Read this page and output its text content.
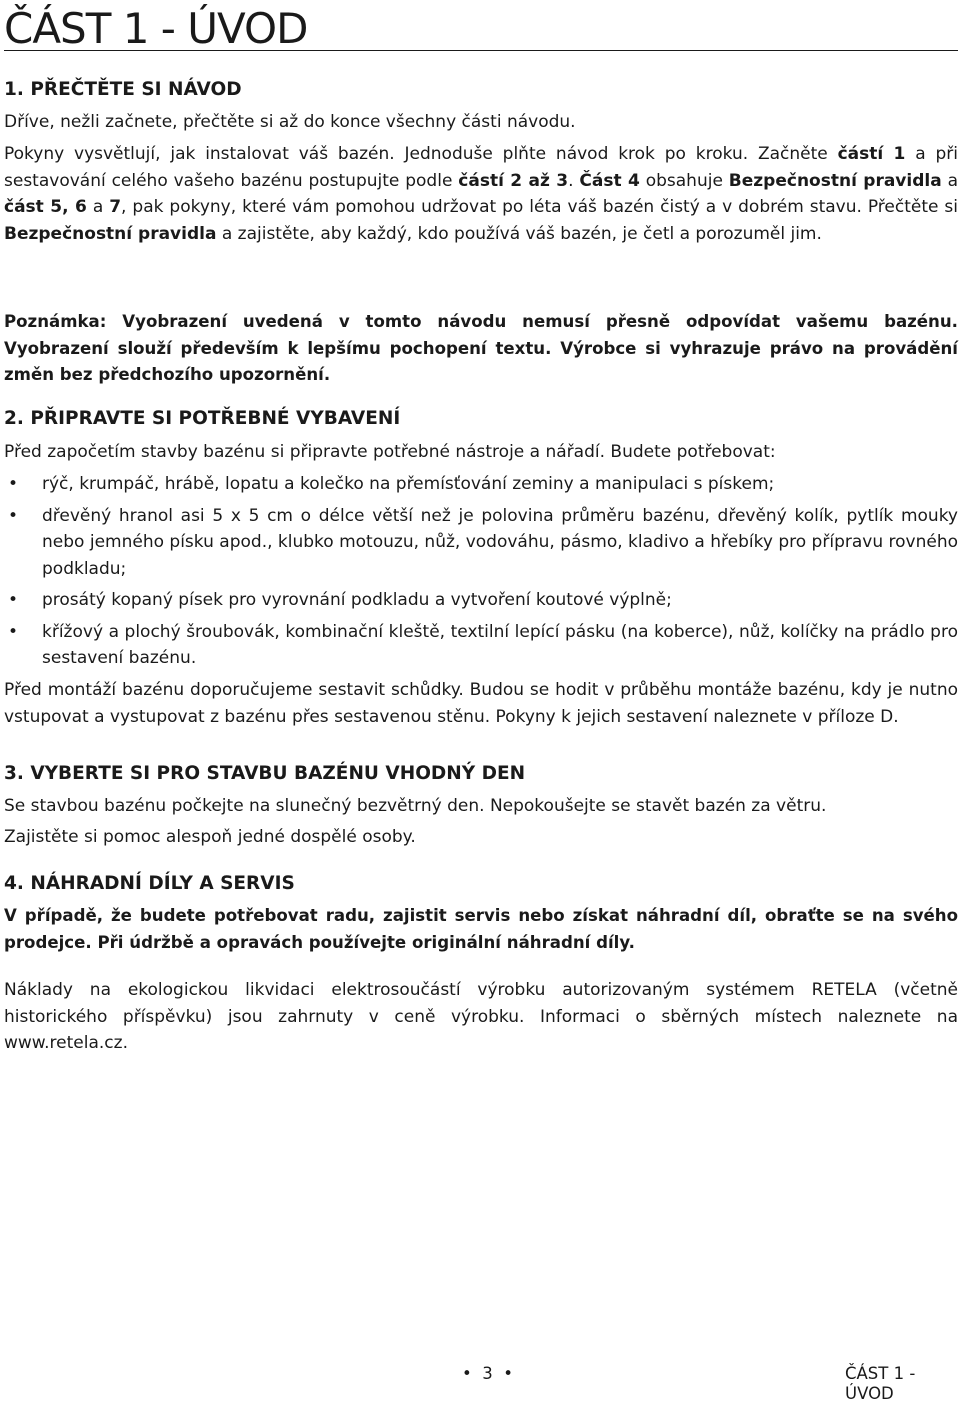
ČÁST 1 - ÚVOD
1. PŘEČTĚTE SI NÁVOD
Dříve, nežli začnete, přečtěte si až do konce všechny části návodu.
Pokyny vysvětlují, jak instalovat váš bazén. Jednoduše plňte návod krok po kroku. Začněte částí 1 a při sestavování celého vašeho bazénu postupujte podle částí 2 až 3. Část 4 obsahuje Bezpečnostní pravidla a část 5, 6 a 7, pak pokyny, které vám pomohou udržovat po léta váš bazén čistý a v dobrém stavu. Přečtěte si Bezpečnostní pravidla a zajistěte, aby každý, kdo používá váš bazén, je četl a porozuměl jim.
Poznámka: Vyobrazení uvedená v tomto návodu nemusí přesně odpovídat vašemu bazénu. Vyobrazení slouží především k lepšímu pochopení textu. Výrobce si vyhrazuje právo na provádění změn bez předchozího upozornění.
2. PŘIPRAVTE SI POTŘEBNÉ VYBAVENÍ
Před započetím stavby bazénu si připravte potřebné nástroje a nářadí. Budete potřebovat:
• rýč, krumpáč, hrábě, lopatu a kolečko na přemísťování zeminy a manipulaci s pískem;
• dřevěný hranol asi 5 x 5 cm o délce větší než je polovina průměru bazénu, dřevěný kolík, pytlík mouky nebo jemného písku apod., klubko motouzu, nůž, vodováhu, pásmo, kladivo a hřebíky pro přípravu rovného podkladu;
• prosátý kopaný písek pro vyrovnání podkladu a vytvoření koutové výplně;
• křížový a plochý šroubovák, kombinační kleště, textilní lepící pásku (na koberce), nůž, kolíčky na prádlo pro sestavení bazénu.
Před montáží bazénu doporučujeme sestavit schůdky. Budou se hodit v průběhu montáže bazénu, kdy je nutno vstupovat a vystupovat z bazénu přes sestavenou stěnu. Pokyny k jejich sestavení naleznete v příloze D.
3. VYBERTE SI PRO STAVBU BAZÉNU VHODNÝ DEN
Se stavbou bazénu počkejte na slunečný bezvětrný den. Nepokoušejte se stavět bazén za větru.
Zajistěte si pomoc alespoň jedné dospělé osoby.
4. NÁHRADNÍ DÍLY A SERVIS
V případě, že budete potřebovat radu, zajistit servis nebo získat náhradní díl, obraťte se na svého prodejce. Při údržbě a opravách používejte originální náhradní díly.
Náklady na ekologickou likvidaci elektrosoučástí výrobku autorizovaným systémem RETELA (včetně historického příspěvku) jsou zahrnuty v ceně výrobku. Informaci o sběrných místech naleznete na www.retela.cz.
• 3 •	ČÁST 1 - ÚVOD
